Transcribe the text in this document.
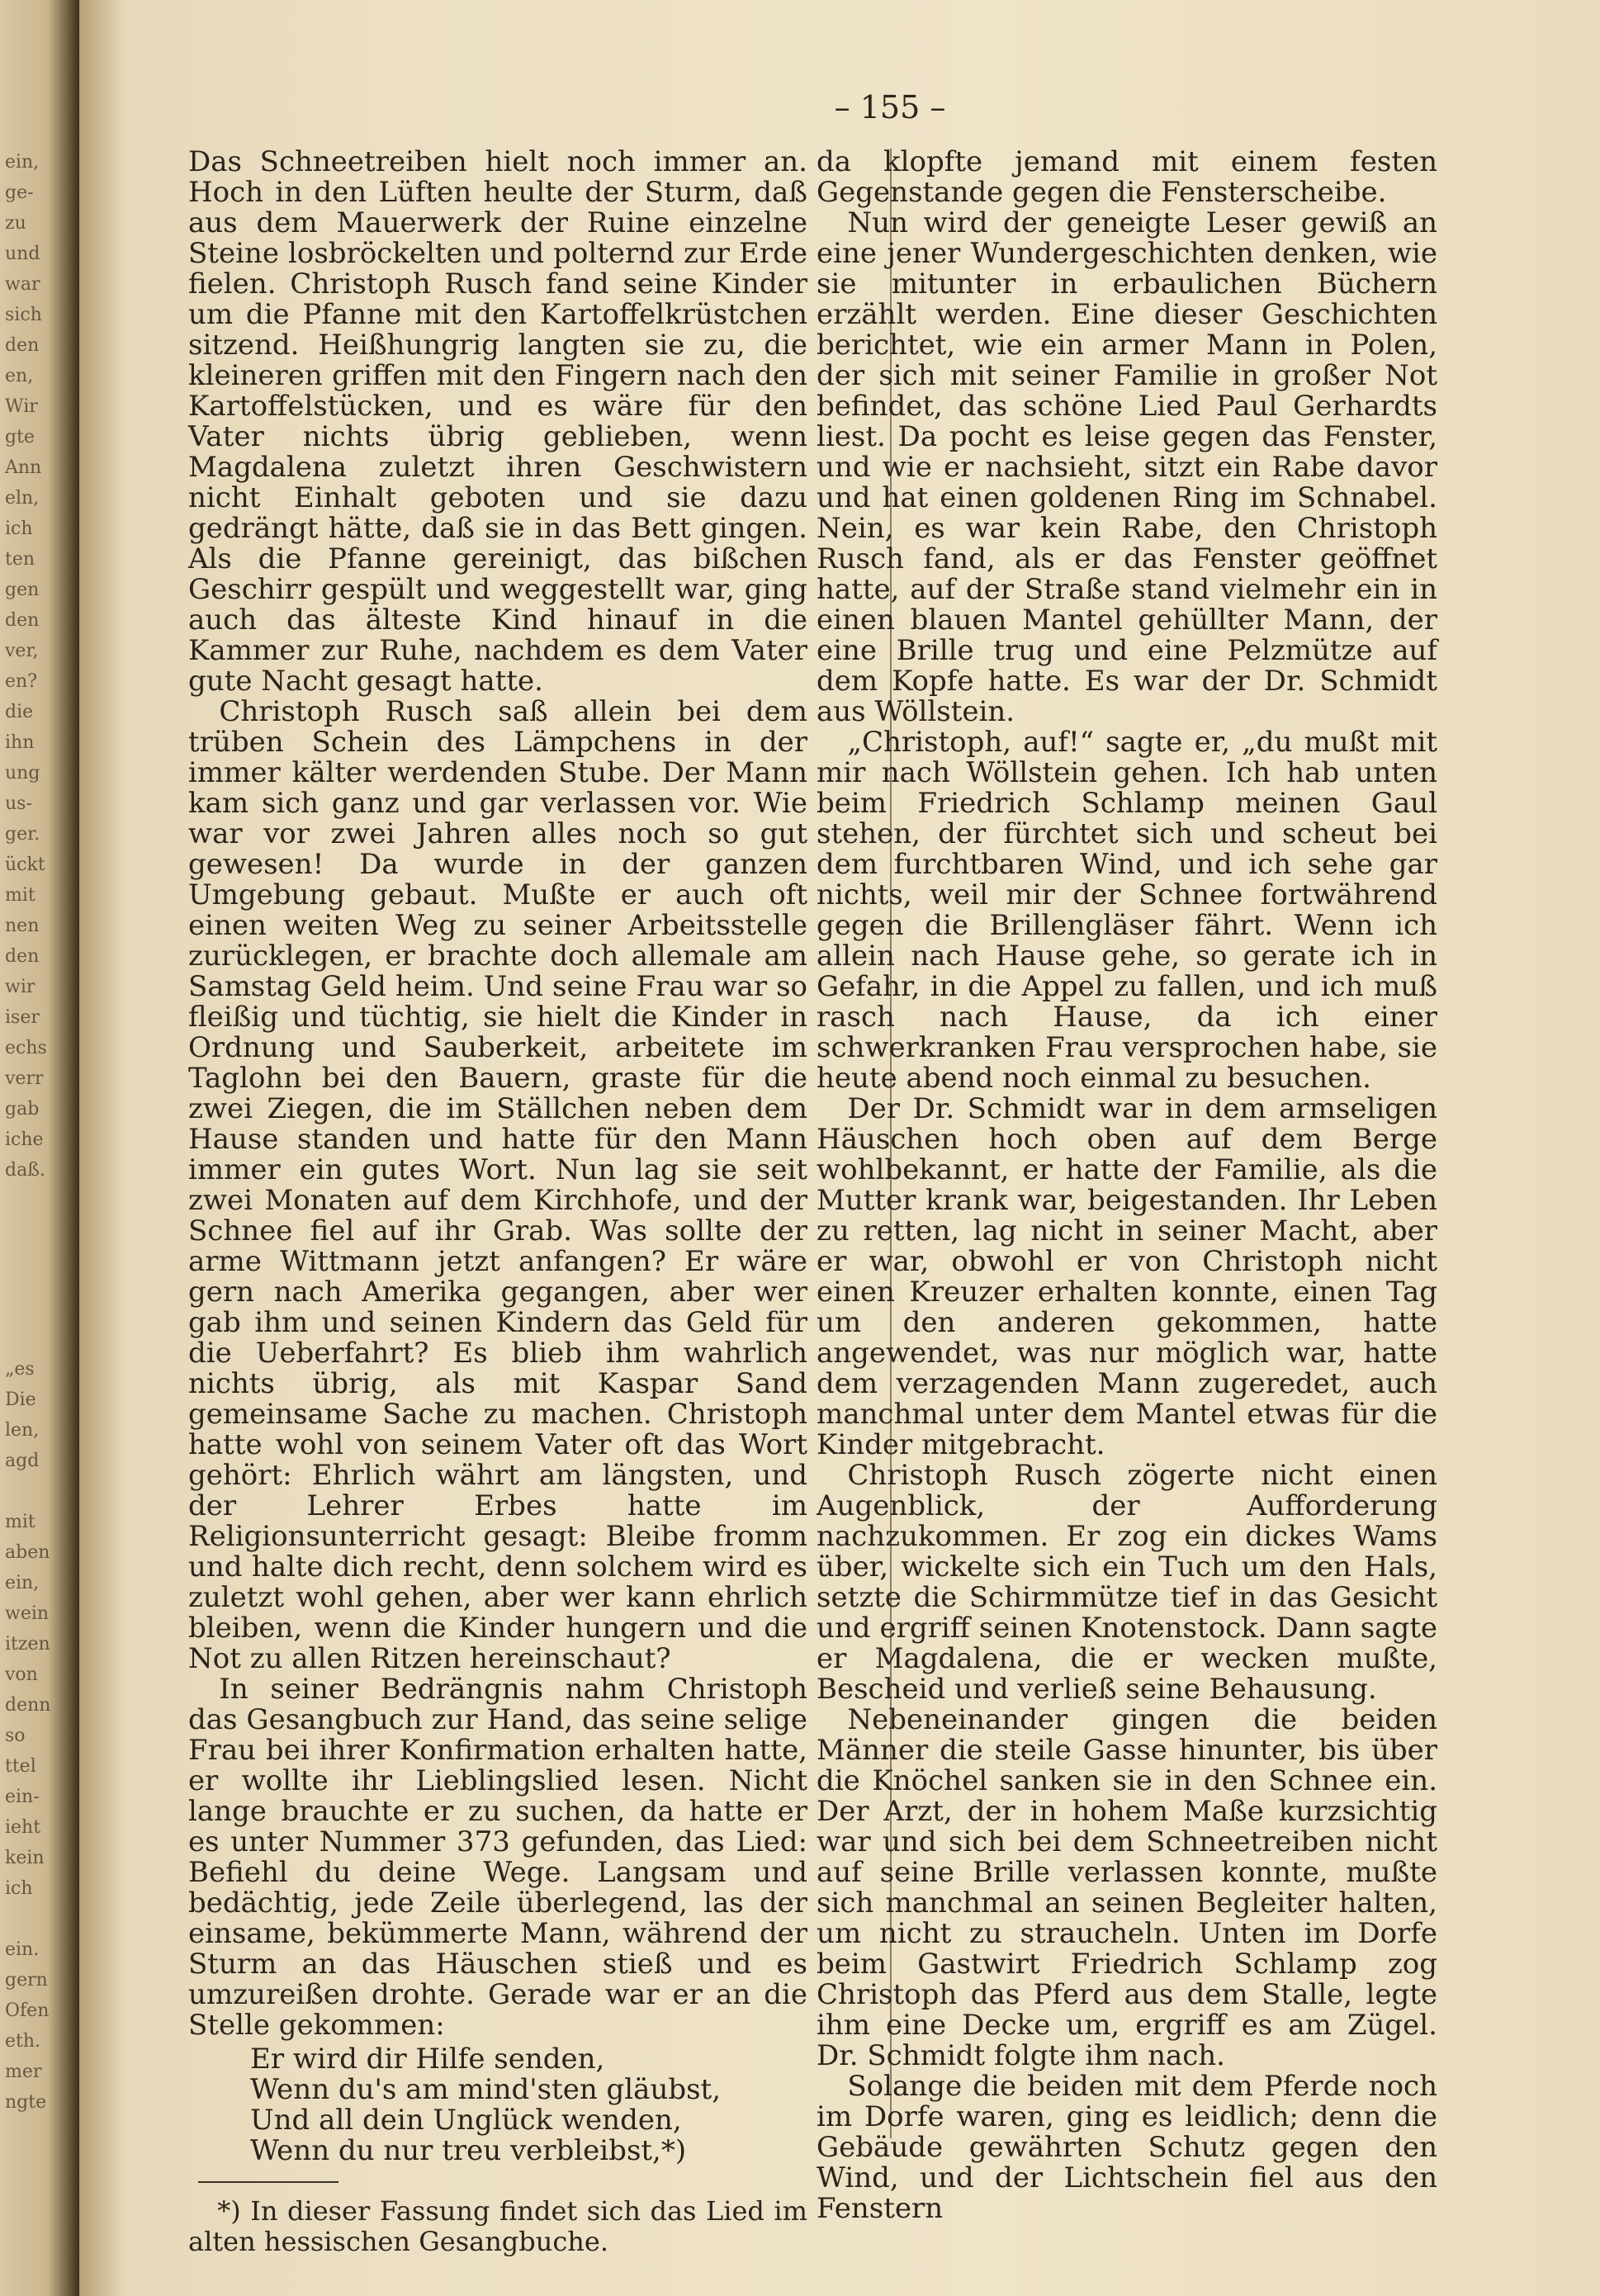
ein,
ge-
zu
und
war
sich
den
en,
Wir
gte
Ann
eln,
ich
ten
gen
den
ver,
en?
die
ihn
ung
us-
ger.
ückt
mit
nen
den
wir
iser
echs
verr
gab
iche
daß.
„es
Die
len,
agd

mit
aben
ein,
wein
itzen
von
denn
so
ttel
ein-
ieht
kein
ich

ein.
gern
Ofen
eth.
mer
ngte
– 155 –

Das Schneetreiben hielt noch immer an. Hoch in den Lüften heulte der Sturm, daß aus dem Mauerwerk der Ruine einzelne Steine losbröckelten und polternd zur Erde fielen. Christoph Rusch fand seine Kinder um die Pfanne mit den Kartoffelkrüstchen sitzend. Heißhungrig langten sie zu, die kleineren griffen mit den Fingern nach den Kartoffelstücken, und es wäre für den Vater nichts übrig geblieben, wenn Magdalena zuletzt ihren Geschwistern nicht Einhalt geboten und sie dazu gedrängt hätte, daß sie in das Bett gingen. Als die Pfanne gereinigt, das bißchen Geschirr gespült und weggestellt war, ging auch das älteste Kind hinauf in die Kammer zur Ruhe, nachdem es dem Vater gute Nacht gesagt hatte.

Christoph Rusch saß allein bei dem trüben Schein des Lämpchens in der immer kälter werdenden Stube. Der Mann kam sich ganz und gar verlassen vor. Wie war vor zwei Jahren alles noch so gut gewesen! Da wurde in der ganzen Umgebung gebaut. Mußte er auch oft einen weiten Weg zu seiner Arbeitsstelle zurücklegen, er brachte doch allemale am Samstag Geld heim. Und seine Frau war so fleißig und tüchtig, sie hielt die Kinder in Ordnung und Sauberkeit, arbeitete im Taglohn bei den Bauern, graste für die zwei Ziegen, die im Ställchen neben dem Hause standen und hatte für den Mann immer ein gutes Wort. Nun lag sie seit zwei Monaten auf dem Kirchhofe, und der Schnee fiel auf ihr Grab. Was sollte der arme Wittmann jetzt anfangen? Er wäre gern nach Amerika gegangen, aber wer gab ihm und seinen Kindern das Geld für die Ueberfahrt? Es blieb ihm wahrlich nichts übrig, als mit Kaspar Sand gemeinsame Sache zu machen. Christoph hatte wohl von seinem Vater oft das Wort gehört: Ehrlich währt am längsten, und der Lehrer Erbes hatte im Religionsunterricht gesagt: Bleibe fromm und halte dich recht, denn solchem wird es zuletzt wohl gehen, aber wer kann ehrlich bleiben, wenn die Kinder hungern und die Not zu allen Ritzen hereinschaut?

In seiner Bedrängnis nahm Christoph das Gesangbuch zur Hand, das seine selige Frau bei ihrer Konfirmation erhalten hatte, er wollte ihr Lieblingslied lesen. Nicht lange brauchte er zu suchen, da hatte er es unter Nummer 373 gefunden, das Lied: Befiehl du deine Wege. Langsam und bedächtig, jede Zeile überlegend, las der einsame, bekümmerte Mann, während der Sturm an das Häuschen stieß und es umzureißen drohte. Gerade war er an die Stelle gekommen:

Er wird dir Hilfe senden,
Wenn du's am mind'sten gläubst,
Und all dein Unglück wenden,
Wenn du nur treu verbleibst,*)

*) In dieser Fassung findet sich das Lied im alten hessischen Gesangbuche.

da klopfte jemand mit einem festen Gegenstande gegen die Fensterscheibe.

Nun wird der geneigte Leser gewiß an eine jener Wundergeschichten denken, wie sie mitunter in erbaulichen Büchern erzählt werden. Eine dieser Geschichten berichtet, wie ein armer Mann in Polen, der sich mit seiner Familie in großer Not befindet, das schöne Lied Paul Gerhardts liest. Da pocht es leise gegen das Fenster, und wie er nachsieht, sitzt ein Rabe davor und hat einen goldenen Ring im Schnabel. Nein, es war kein Rabe, den Christoph Rusch fand, als er das Fenster geöffnet hatte, auf der Straße stand vielmehr ein in einen blauen Mantel gehüllter Mann, der eine Brille trug und eine Pelzmütze auf dem Kopfe hatte. Es war der Dr. Schmidt aus Wöllstein.

„Christoph, auf!“ sagte er, „du mußt mit mir nach Wöllstein gehen. Ich hab unten beim Friedrich Schlamp meinen Gaul stehen, der fürchtet sich und scheut bei dem furchtbaren Wind, und ich sehe gar nichts, weil mir der Schnee fortwährend gegen die Brillengläser fährt. Wenn ich allein nach Hause gehe, so gerate ich in Gefahr, in die Appel zu fallen, und ich muß rasch nach Hause, da ich einer schwerkranken Frau versprochen habe, sie heute abend noch einmal zu besuchen.

Der Dr. Schmidt war in dem armseligen Häuschen hoch oben auf dem Berge wohlbekannt, er hatte der Familie, als die Mutter krank war, beigestanden. Ihr Leben zu retten, lag nicht in seiner Macht, aber er war, obwohl er von Christoph nicht einen Kreuzer erhalten konnte, einen Tag um den anderen gekommen, hatte angewendet, was nur möglich war, hatte dem verzagenden Mann zugeredet, auch manchmal unter dem Mantel etwas für die Kinder mitgebracht.

Christoph Rusch zögerte nicht einen Augenblick, der Aufforderung nachzukommen. Er zog ein dickes Wams über, wickelte sich ein Tuch um den Hals, setzte die Schirmmütze tief in das Gesicht und ergriff seinen Knotenstock. Dann sagte er Magdalena, die er wecken mußte, Bescheid und verließ seine Behausung.

Nebeneinander gingen die beiden Männer die steile Gasse hinunter, bis über die Knöchel sanken sie in den Schnee ein. Der Arzt, der in hohem Maße kurzsichtig war und sich bei dem Schneetreiben nicht auf seine Brille verlassen konnte, mußte sich manchmal an seinen Begleiter halten, um nicht zu straucheln. Unten im Dorfe beim Gastwirt Friedrich Schlamp zog Christoph das Pferd aus dem Stalle, legte ihm eine Decke um, ergriff es am Zügel. Dr. Schmidt folgte ihm nach.

Solange die beiden mit dem Pferde noch im Dorfe waren, ging es leidlich; denn die Gebäude gewährten Schutz gegen den Wind, und der Lichtschein fiel aus den Fenstern
